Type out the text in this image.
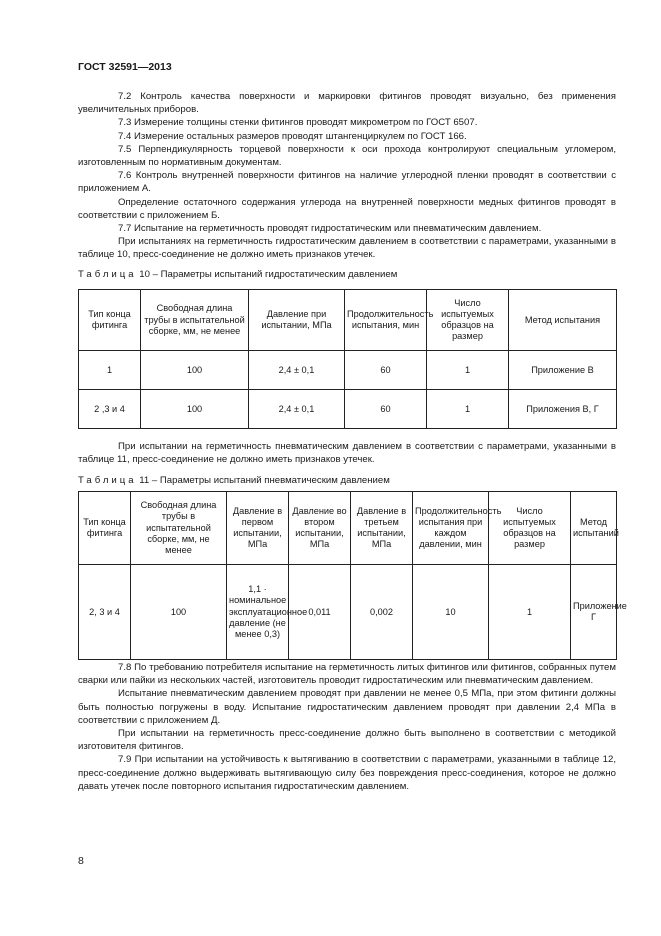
ГОСТ 32591—2013

7.2 Контроль качества поверхности и маркировки фитингов проводят визуально, без применения увеличительных приборов.

7.3 Измерение толщины стенки фитингов проводят микрометром по ГОСТ 6507.

7.4 Измерение остальных размеров проводят штангенциркулем по ГОСТ 166.

7.5 Перпендикулярность торцевой поверхности к оси прохода контролируют специальным угломером, изготовленным по нормативным документам.

7.6 Контроль внутренней поверхности фитингов на наличие углеродной пленки проводят в соответствии с приложением А.

Определение остаточного содержания углерода на внутренней поверхности медных фитингов проводят в соответствии с приложением Б.

7.7 Испытание на герметичность проводят гидростатическим или пневматическим давлением.

При испытаниях на герметичность гидростатическим давлением в соответствии с параметрами, указанными в таблице 10, пресс-соединение не должно иметь признаков утечек.

Таблица 10 – Параметры испытаний гидростатическим давлением

Тип конца фитинга	Свободная длина трубы в испытательной сборке, мм, не менее	Давление при испытании, МПа	Продолжительность испытания, мин	Число испытуемых образцов на размер	Метод испытания
1	100	2,4 ± 0,1	60	1	Приложение В
2 ,3 и 4	100	2,4 ± 0,1	60	1	Приложения В, Г

При испытании на герметичность пневматическим давлением в соответствии с параметрами, указанными в таблице 11, пресс-соединение не должно иметь признаков утечек.

Таблица 11 – Параметры испытаний пневматическим давлением

Тип конца фитинга	Свободная длина трубы в испытательной сборке, мм, не менее	Давление в первом испытании, МПа	Давление во втором испытании, МПа	Давление в третьем испытании, МПа	Продолжительность испытания при каждом давлении, мин	Число испытуемых образцов на размер	Метод испытаний
2, 3 и 4	100	1,1 · номинальное эксплуатационное давление (не менее 0,3)	0,011	0,002	10	1	Приложение Г

7.8 По требованию потребителя испытание на герметичность литых фитингов или фитингов, собранных путем сварки или пайки из нескольких частей, изготовитель проводит гидростатическим или пневматическим давлением.

Испытание пневматическим давлением проводят при давлении не менее 0,5 МПа, при этом фитинги должны быть полностью погружены в воду. Испытание гидростатическим давлением проводят при давлении 2,4 МПа в соответствии с приложением Д.

При испытании на герметичность пресс-соединение должно быть выполнено в соответствии с методикой изготовителя фитингов.

7.9 При испытании на устойчивость к вытягиванию в соответствии с параметрами, указанными в таблице 12, пресс-соединение должно выдерживать вытягивающую силу без повреждения пресс-соединения, которое не должно давать утечек после повторного испытания гидростатическим давлением.

8
